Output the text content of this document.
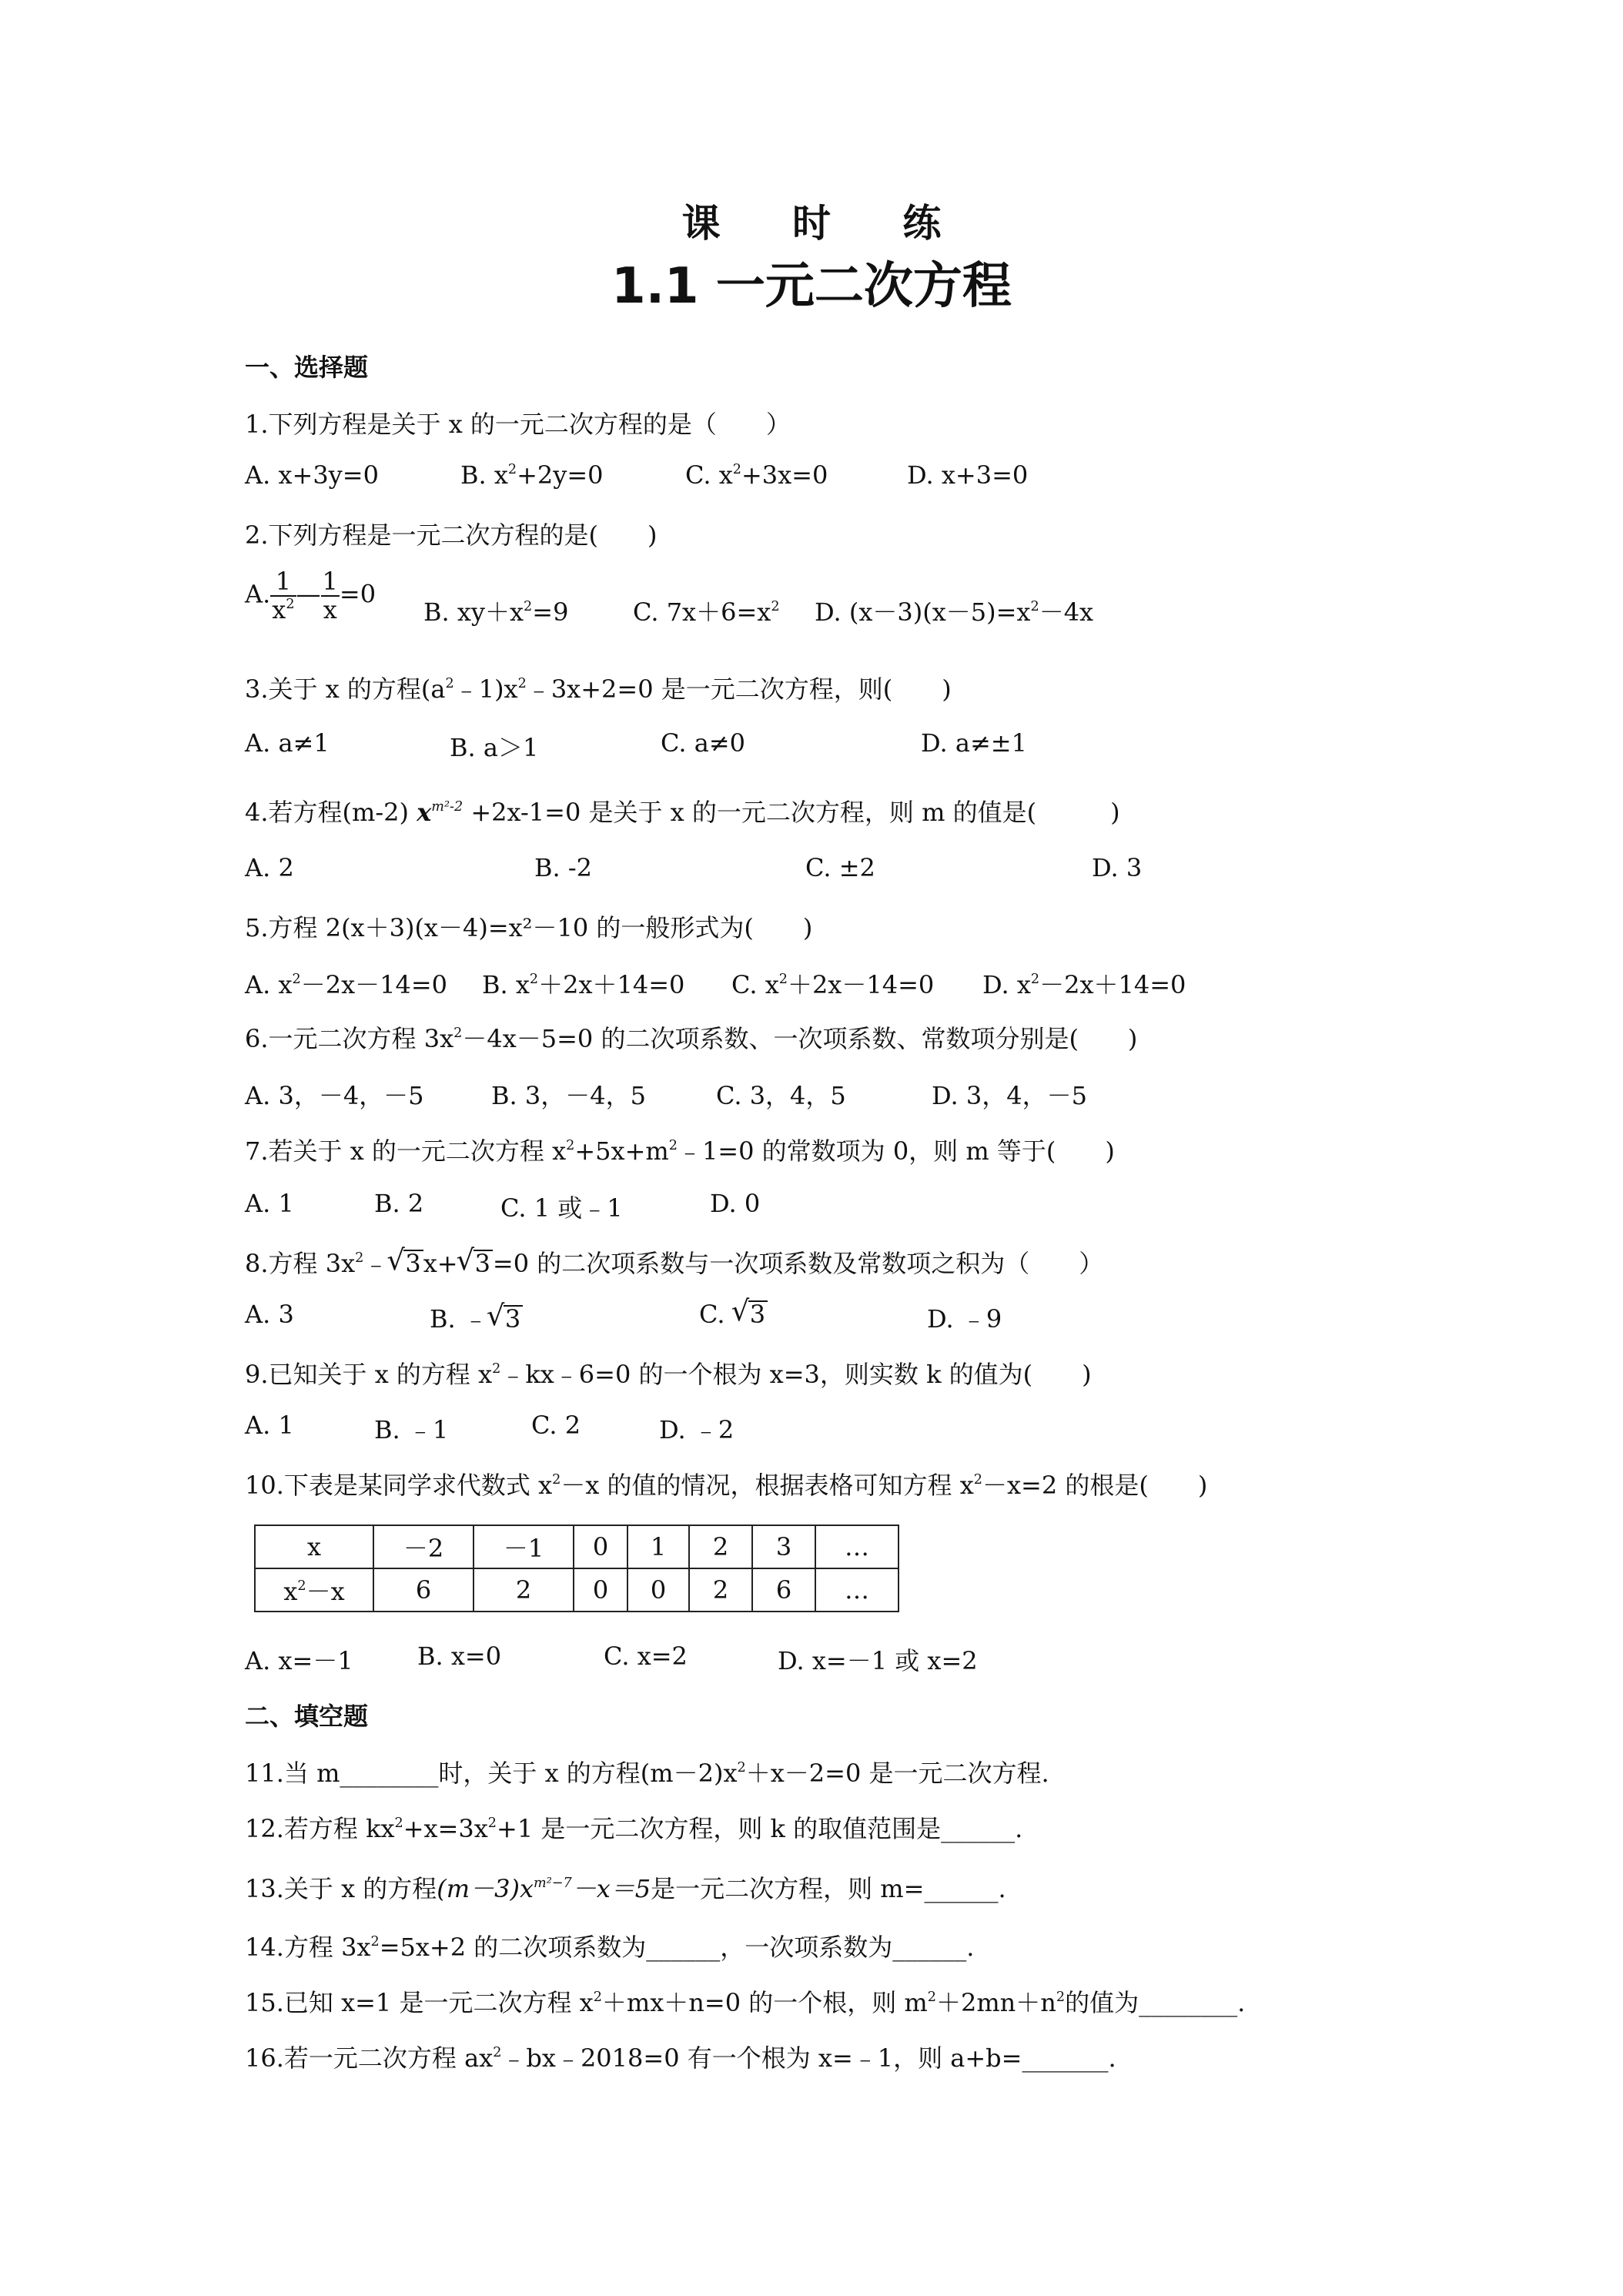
课 时 练
1.1 一元二次方程
一、选择题
1.下列方程是关于 x 的一元二次方程的是（　　）
A. x+3y=0	B. $x^2+2y=0$	C. $x^2+3x=0$	D. x+3=0
2.下列方程是一元二次方程的是(　　)
A. $\frac{1}{x^2}$ — $\frac{1}{x} =0$
B. $xy+x^2=9$	C. $7x+6=x^2$ D. $(x-3)(x-5)=x^2-4x$
3.关于 x 的方程$(a^2﹣1)x^2﹣3x+2=0$ 是一元二次方程，则(　　)
A. a≠1	B. a＞1	C. a≠0	D. a≠±1
4.若方程(m-2) $x^{m^2-2} +2x-1=0$ 是关于 x 的一元二次方程，则 m 的值是(　　　)
A. 2	B. -2	C. ±2	D. 3
5.方程 2(x＋3)(x－4)=x²－10 的一般形式为(　　)
A. $x^2-2x-14=0$ B. $x^2+2x+14=0$ C. $x^2+2x-14=0$ D. $x^2-2x+14=0$
6.一元二次方程 $3x^2-4x-5=0$ 的二次项系数、一次项系数、常数项分别是(　　)
A. 3，－4，－5	B. 3，－4，5	C. 3，4，5	D. 3，4，－5
7.若关于 x 的一元二次方程 $x^2+5x+m^2﹣1=0$ 的常数项为 0，则 m 等于(　　)
A. 1	B. 2	C. 1 或﹣1	D. 0
8.方程 $3x^2﹣$ √ 3x+ √ 3=0 的二次项系数与一次项系数及常数项之积为（　　）
A. 3	B. ﹣ √ 3	C. √ 3	D. ﹣9
9.已知关于 x 的方程 $x^2﹣kx﹣6=0$ 的一个根为 x=3，则实数 k 的值为(　　)
A. 1	B. ﹣1	C. 2	D. ﹣2
10.下表是某同学求代数式 $x^2-x$ 的值的情况，根据表格可知方程 $x^2-x=2$ 的根是(　　)
x	－2	－1	0	1	2	3	…
$x^2-x$	6	2	0	0	2	6	…
A. x=－1	B. x=0	C. x=2	D. x=－1 或 x=2
二、填空题
11.当 m________时，关于 x 的方程$(m-2)x^2+x-2=0$ 是一元二次方程.
12.若方程 $kx^2+x=3x^2+1$ 是一元二次方程，则 k 的取值范围是______.
13.关于 x 的方程$(m-3)x^{m^2-7}-x=5$是一元二次方程，则 m=______.
14.方程 $3x^2=5x+2$ 的二次项系数为______，一次项系数为______.
15.已知 x=1 是一元二次方程 $x^2+mx+n=0$ 的一个根，则 $m^2+2mn+n^2$的值为________.
16.若一元二次方程 $ax^2﹣bx﹣2018=0$ 有一个根为 x=﹣1，则 a+b=_______.
